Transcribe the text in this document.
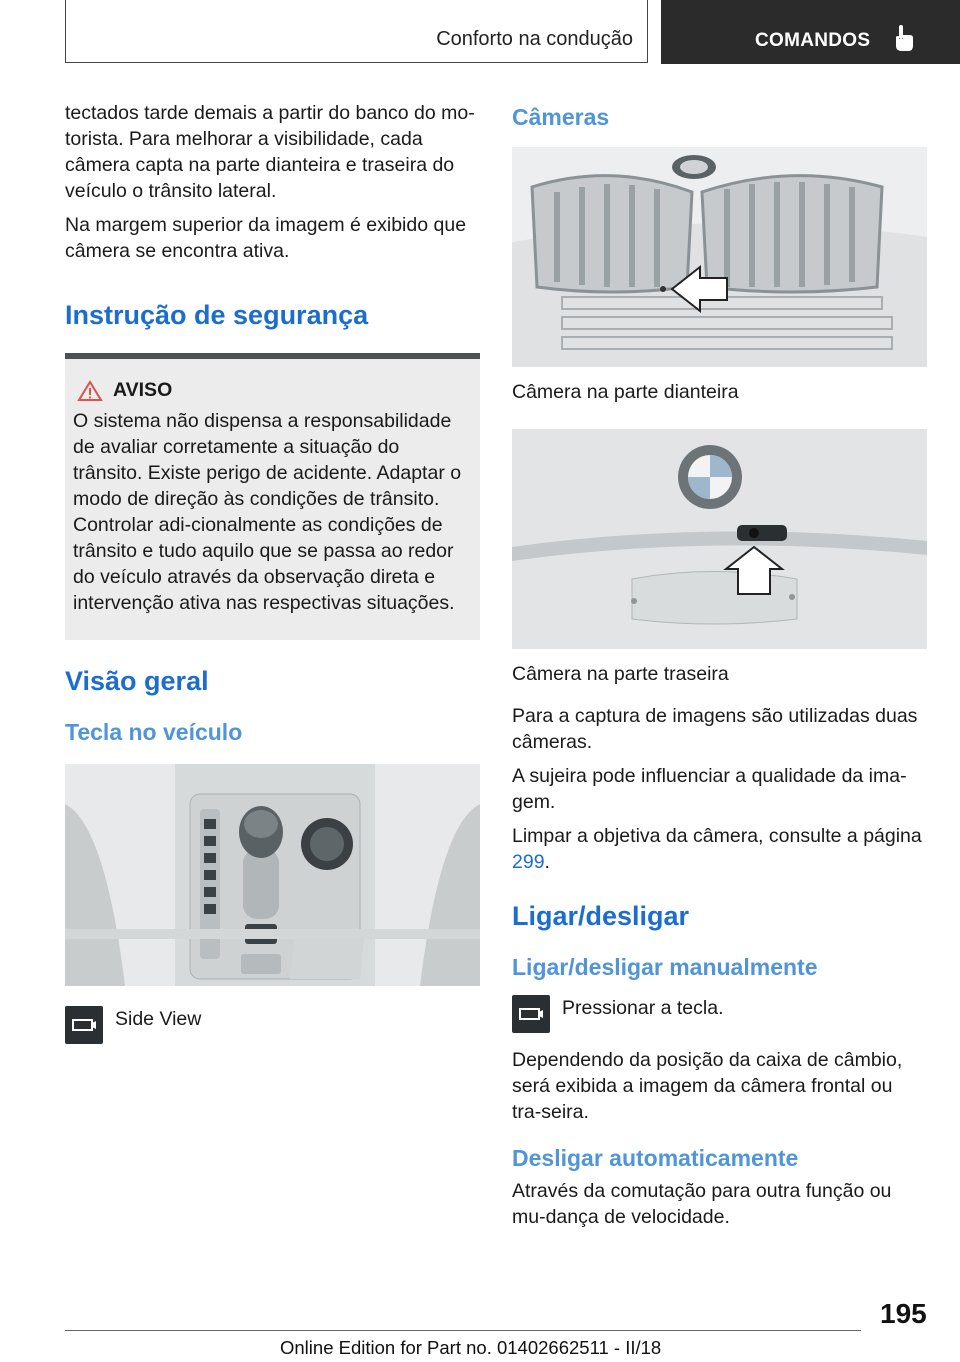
Conforto na condução	COMANDOS

tectados tarde demais a partir do banco do mo-torista. Para melhorar a visibilidade, cada câmera capta na parte dianteira e traseira do veículo o trânsito lateral.

Na margem superior da imagem é exibido que câmera se encontra ativa.

Instrução de segurança
AVISO

O sistema não dispensa a responsabilidade de avaliar corretamente a situação do trânsito. Existe perigo de acidente. Adaptar o modo de direção às condições de trânsito. Controlar adi-cionalmente as condições de trânsito e tudo aquilo que se passa ao redor do veículo através da observação direta e intervenção ativa nas respectivas situações.

Visão geral
Tecla no veículo
Side View
Câmeras

Câmera na parte dianteira

Câmera na parte traseira

Para a captura de imagens são utilizadas duas câmeras.

A sujeira pode influenciar a qualidade da ima-gem.

Limpar a objetiva da câmera, consulte a página 299.

Ligar/desligar
Ligar/desligar manualmente
Pressionar a tecla.

Dependendo da posição da caixa de câmbio, será exibida a imagem da câmera frontal ou tra-seira.

Desligar automaticamente

Através da comutação para outra função ou mu-dança de velocidade.

195
Online Edition for Part no. 01402662511 - II/18
